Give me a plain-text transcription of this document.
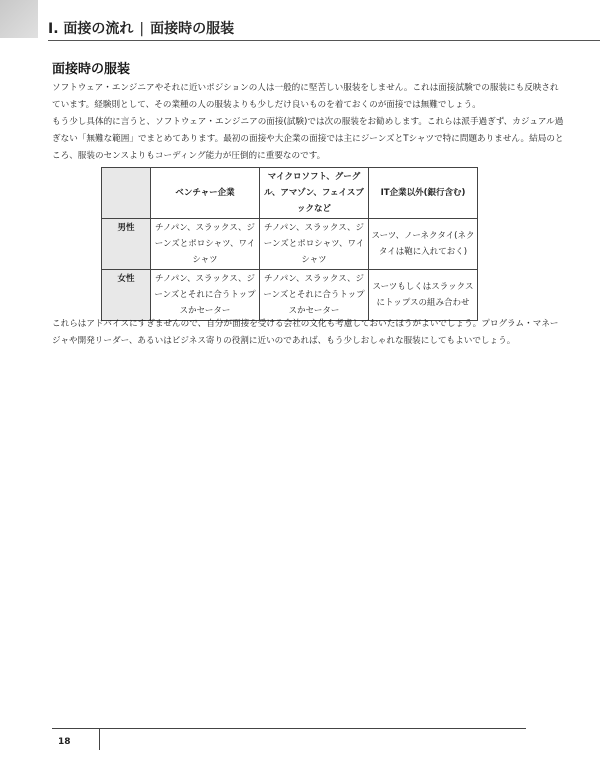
I. 面接の流れ | 面接時の服装
面接時の服装
ソフトウェア・エンジニアやそれに近いポジションの人は一般的に堅苦しい服装をしません。これは面接試験での服装にも反映されています。経験則として、その業種の人の服装よりも少しだけ良いものを着ておくのが面接では無難でしょう。
もう少し具体的に言うと、ソフトウェア・エンジニアの面接(試験)では次の服装をお勧めします。これらは派手過ぎず、カジュアル過ぎない「無難な範囲」でまとめてあります。最初の面接や大企業の面接では主にジーンズとTシャツで特に問題ありません。結局のところ、服装のセンスよりもコーディング能力が圧倒的に重要なのです。
	ベンチャー企業	マイクロソフト、グーグル、アマゾン、フェイスブックなど	IT企業以外(銀行含む)
男性	チノパン、スラックス、ジーンズとポロシャツ、ワイシャツ	チノパン、スラックス、ジーンズとポロシャツ、ワイシャツ	スーツ、ノーネクタイ(ネクタイは鞄に入れておく)
女性	チノパン、スラックス、ジーンズとそれに合うトップスかセーター	チノパン、スラックス、ジーンズとそれに合うトップスかセーター	スーツもしくはスラックスにトップスの組み合わせ
これらはアドバイスにすぎませんので、自分が面接を受ける会社の文化も考慮しておいたほうがよいでしょう。プログラム・マネージャや開発リーダー、あるいはビジネス寄りの役割に近いのであれば、もう少しおしゃれな服装にしてもよいでしょう。
18
